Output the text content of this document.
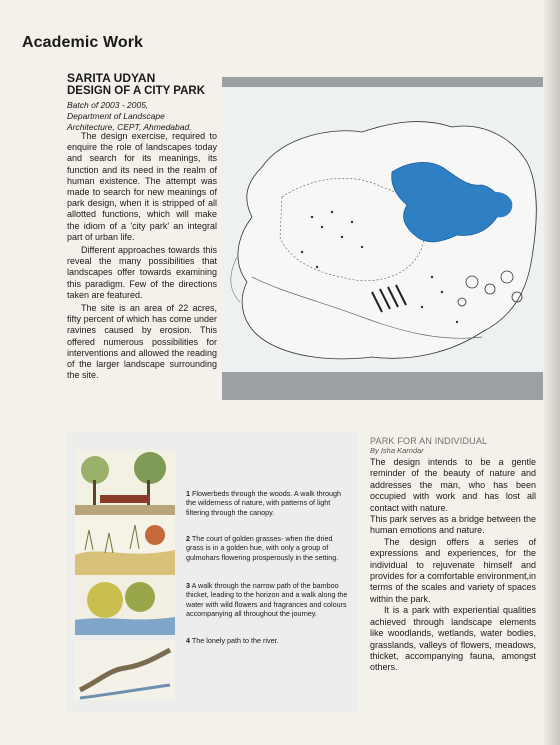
Academic Work
SARITA UDYAN
DESIGN OF A CITY PARK
Batch of 2003 - 2005,
Department of Landscape
Architecture, CEPT, Ahmedabad.

The design exercise, required to enquire the role of landscapes today and search for its meanings, its function and its need in the realm of human existence. The attempt was made to search for new meanings of park design, when it is stripped of all allotted functions, which will make the idiom of a 'city park' an integral part of urban life.

Different approaches towards this reveal the many possibilities that landscapes offer towards examining this paradigm. Few of the directions taken are featured.

The site is an area of 22 acres, fifty percent of which has come under ravines caused by erosion. This offered numerous possibilities for interventions and allowed the reading of the larger landscape surrounding the site.

1 Flowerbeds through the woods. A walk through the wilderness of nature, with patterns of light filtering through the canopy.
2 The court of golden grasses- when the dried grass is in a golden hue, with only a group of gulmohars flowering prosperously in the setting.
3 A walk through the narrow path of the bamboo thicket, leading to the horizon and a walk along the water with wild flowers and fragrances and colours accompanying all throughout the journey.
4 The lonely path to the river.
PARK FOR AN INDIVIDUAL
By Isha Karndar

The design intends to be a gentle reminder of the beauty of nature and addresses the man, who has been occupied with work and has lost all contact with nature.

This park serves as a bridge between the human emotions and nature.

The design offers a series of expressions and experiences, for the individual to rejuvenate himself and provides for a comfortable environment,in terms of the scales and variety of spaces within the park.

It is a park with experiential qualities achieved through landscape elements like woodlands, wetlands, water bodies, grasslands, valleys of flowers, meadows, thicket, accompanying fauna, amongst others.
